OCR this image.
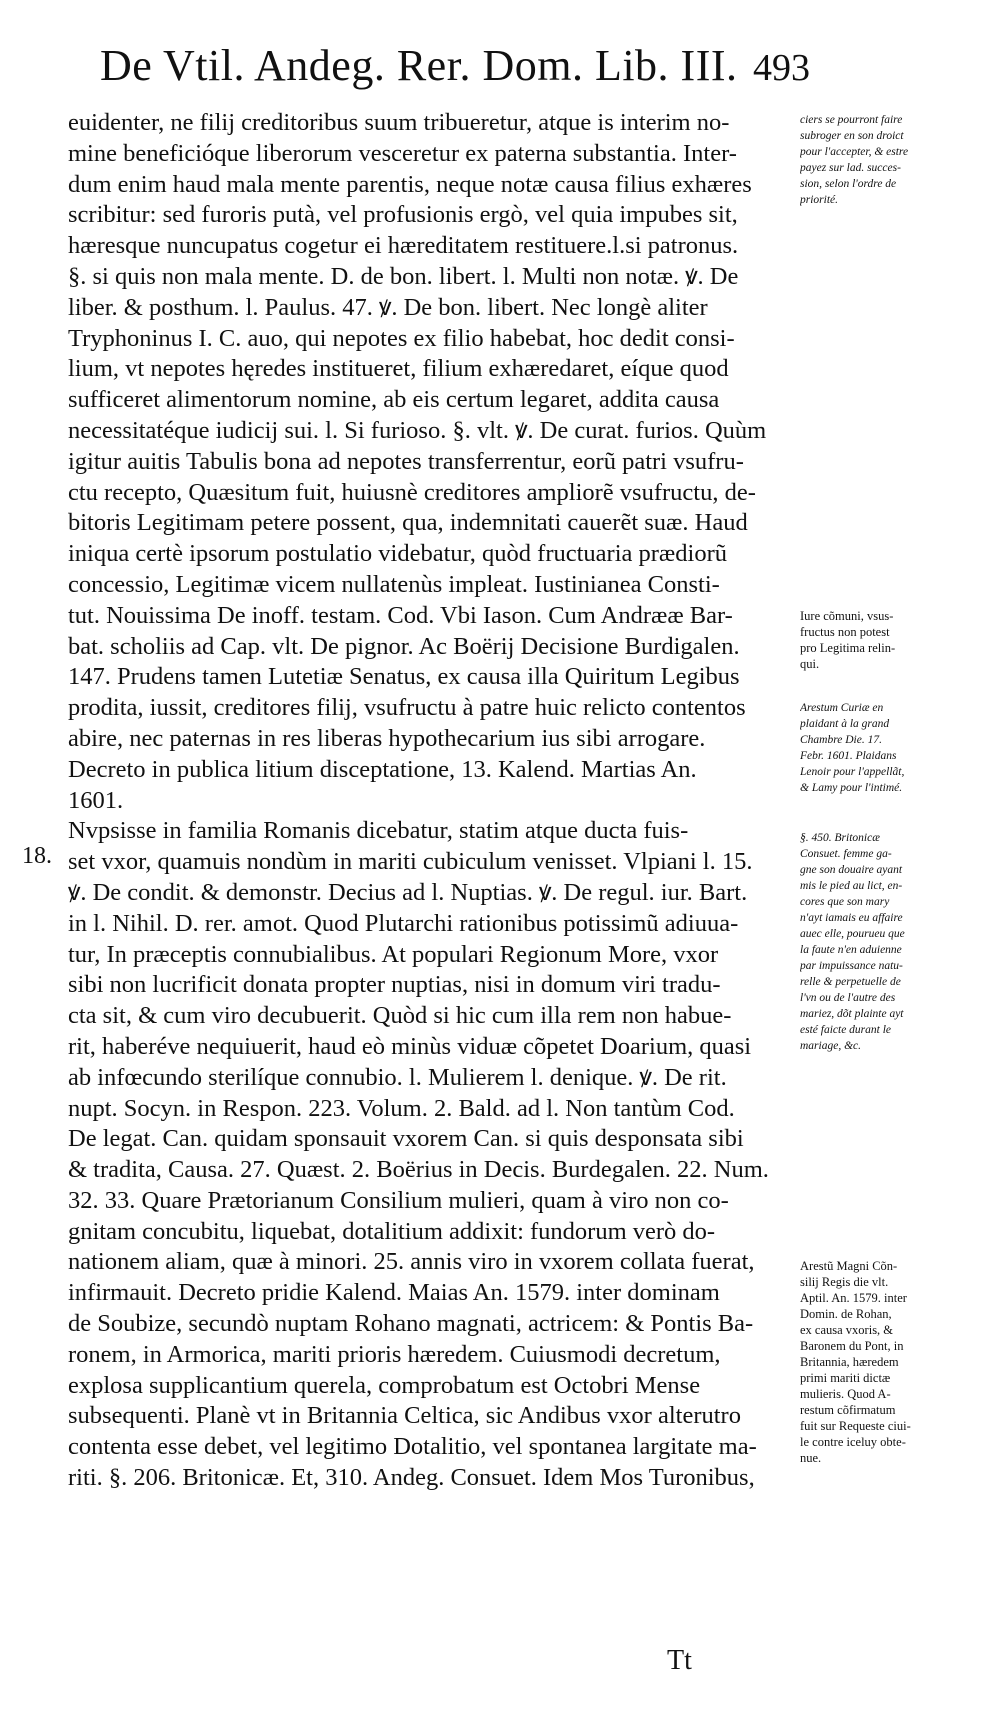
De Vtil. Andeg. Rer. Dom. Lib. III. 493
euidenter, ne filij creditoribus suum tribueretur, atque is interim no-
mine beneficióque liberorum vesceretur ex paterna substantia. Inter-
dum enim haud mala mente parentis, neque notæ causa filius exhæres
scribitur: sed furoris putà, vel profusionis ergò, vel quia impubes sit,
hæresque nuncupatus cogetur ei hæreditatem restituere.l.si patronus.
§. si quis non mala mente. D. de bon. libert. l. Multi non notæ. ꝟ. De
liber. & posthum. l. Paulus. 47. ꝟ. De bon. libert. Nec longè aliter
Tryphoninus I. C. auo, qui nepotes ex filio habebat, hoc dedit consi-
lium, vt nepotes hęredes institueret, filium exhæredaret, eíque quod
sufficeret alimentorum nomine, ab eis certum legaret, addita causa
necessitatéque iudicij sui. l. Si furioso. §. vlt. ꝟ. De curat. furios. Quùm
igitur auitis Tabulis bona ad nepotes transferrentur, eorũ patri vsufru-
ctu recepto, Quæsitum fuit, huiusnè creditores ampliorẽ vsufructu, de-
bitoris Legitimam petere possent, qua, indemnitati cauerẽt suæ. Haud
iniqua certè ipsorum postulatio videbatur, quòd fructuaria prædiorũ
concessio, Legitimæ vicem nullatenùs impleat. Iustinianea Consti-
tut. Nouissima De inoff. testam. Cod. Vbi Iason. Cum Andrææ Bar-
bat. scholiis ad Cap. vlt. De pignor. Ac Boërij Decisione Burdigalen.
147. Prudens tamen Lutetiæ Senatus, ex causa illa Quiritum Legibus
prodita, iussit, creditores filij, vsufructu à patre huic relicto contentos
abire, nec paternas in res liberas hypothecarium ius sibi arrogare.
Decreto in publica litium disceptatione, 13. Kalend. Martias An.
1601.
Nvpsisse in familia Romanis dicebatur, statim atque ducta fuis-
set vxor, quamuis nondùm in mariti cubiculum venisset. Vlpiani l. 15.
ꝟ. De condit. & demonstr. Decius ad l. Nuptias. ꝟ. De regul. iur. Bart.
in l. Nihil. D. rer. amot. Quod Plutarchi rationibus potissimũ adiuua-
tur, In præceptis connubialibus. At populari Regionum More, vxor
sibi non lucrificit donata propter nuptias, nisi in domum viri tradu-
cta sit, & cum viro decubuerit. Quòd si hic cum illa rem non habue-
rit, haberéve nequiuerit, haud eò minùs viduæ cõpetet Doarium, quasi
ab infœcundo sterilíque connubio. l. Mulierem l. denique. ꝟ. De rit.
nupt. Socyn. in Respon. 223. Volum. 2. Bald. ad l. Non tantùm Cod.
De legat. Can. quidam sponsauit vxorem Can. si quis desponsata sibi
& tradita, Causa. 27. Quæst. 2. Boërius in Decis. Burdegalen. 22. Num.
32. 33. Quare Prætorianum Consilium mulieri, quam à viro non co-
gnitam concubitu, liquebat, dotalitium addixit: fundorum verò do-
nationem aliam, quæ à minori. 25. annis viro in vxorem collata fuerat,
infirmauit. Decreto pridie Kalend. Maias An. 1579. inter dominam
de Soubize, secundò nuptam Rohano magnati, actricem: & Pontis Ba-
ronem, in Armorica, mariti prioris hæredem. Cuiusmodi decretum,
explosa supplicantium querela, comprobatum est Octobri Mense
subsequenti. Planè vt in Britannia Celtica, sic Andibus vxor alterutro
contenta esse debet, vel legitimo Dotalitio, vel spontanea largitate ma-
riti. §. 206. Britonicæ. Et, 310. Andeg. Consuet. Idem Mos Turonibus,
18.
ciers se pourront faire
subroger en son droict
pour l'accepter, & estre
payez sur lad. succes-
sion, selon l'ordre de
priorité.
Iure cõmuni, vsus-
fructus non potest
pro Legitima relin-
qui.
Arestum Curiæ en
plaidant à la grand
Chambre Die. 17.
Febr. 1601. Plaidans
Lenoir pour l'appellãt,
& Lamy pour l'intimé.
§. 450. Britonicæ
Consuet. femme ga-
gne son douaire ayant
mis le pied au lict, en-
cores que son mary
n'ayt iamais eu affaire
auec elle, pourueu que
la faute n'en aduienne
par impuissance natu-
relle & perpetuelle de
l'vn ou de l'autre des
mariez, dõt plainte ayt
esté faicte durant le
mariage, &c.
Arestũ Magni Cõn-
silij Regis die vlt.
Aptil. An. 1579. inter
Domin. de Rohan,
ex causa vxoris, &
Baronem du Pont, in
Britannia, hæredem
primi mariti dictæ
mulieris. Quod A-
restum cõfirmatum
fuit sur Requeste ciui-
le contre iceluy obte-
nue.
Tt
